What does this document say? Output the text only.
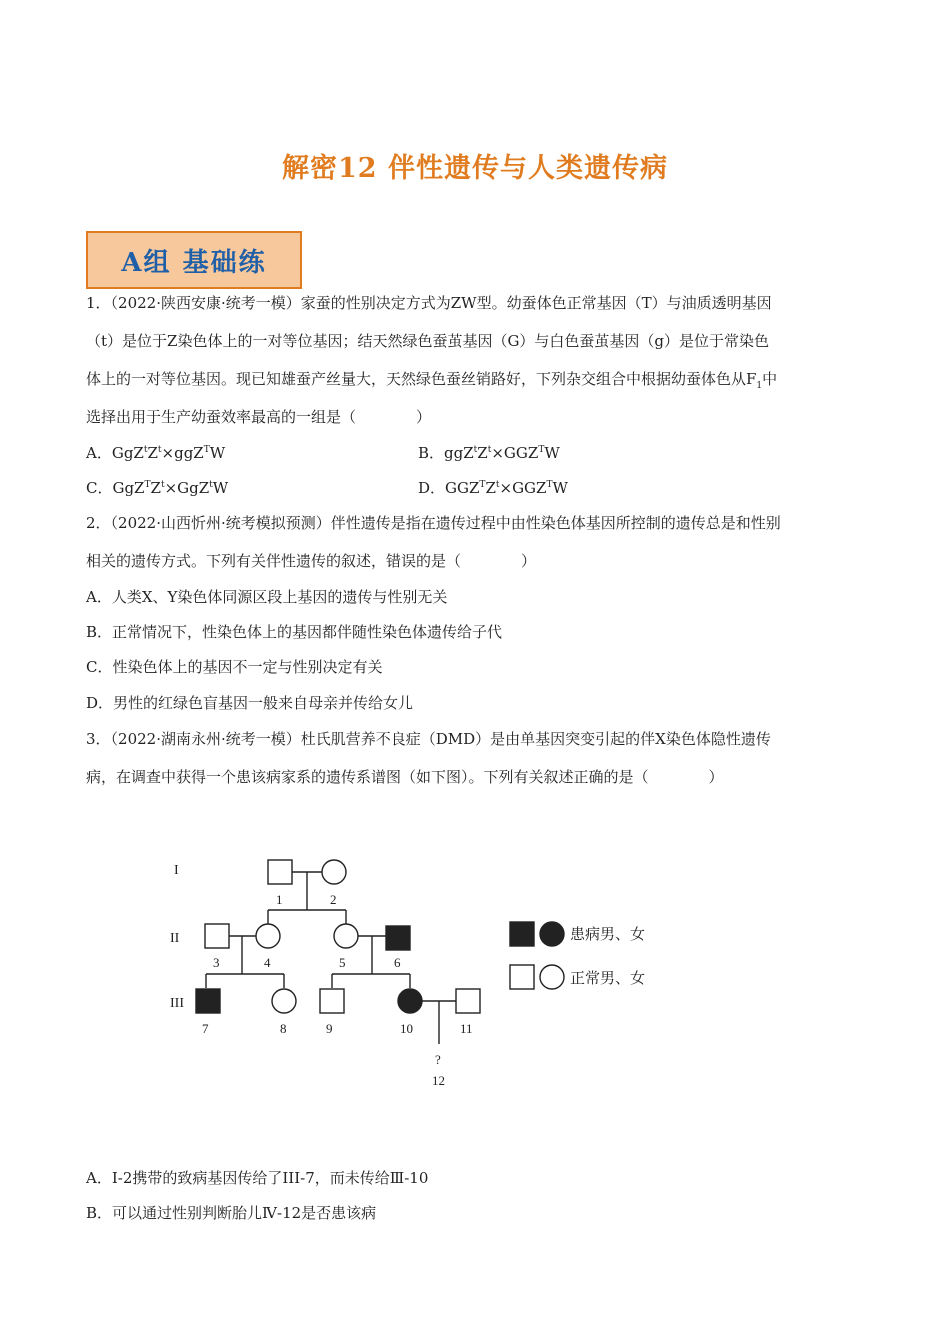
解密12 伴性遗传与人类遗传病
A组 基础练
1．（2022·陕西安康·统考一模）家蚕的性别决定方式为ZW型。幼蚕体色正常基因（T）与油质透明基因
（t）是位于Z染色体上的一对等位基因；结天然绿色蚕茧基因（G）与白色蚕茧基因（g）是位于常染色
体上的一对等位基因。现已知雄蚕产丝量大，天然绿色蚕丝销路好，下列杂交组合中根据幼蚕体色从$F_1$中
选择出用于生产幼蚕效率最高的一组是（　　　　）
A．$GgZ^tZ^t\times ggZ^TW$	B．$ggZ^tZ^t\times GGZ^TW$
C．$GgZ^TZ^t\times GgZ^tW$	D．$GGZ^TZ^t\times GGZ^TW$
2．（2022·山西忻州·统考模拟预测）伴性遗传是指在遗传过程中由性染色体基因所控制的遗传总是和性别
相关的遗传方式。下列有关伴性遗传的叙述，错误的是（　　　　）
A．人类X、Y染色体同源区段上基因的遗传与性别无关
B．正常情况下，性染色体上的基因都伴随性染色体遗传给子代
C．性染色体上的基因不一定与性别决定有关
D．男性的红绿色盲基因一般来自母亲并传给女儿
3．（2022·湖南永州·统考一模）杜氏肌营养不良症（DMD）是由单基因突变引起的伴X染色体隐性遗传
病，在调查中获得一个患该病家系的遗传系谱图（如下图）。下列有关叙述正确的是（　　　　）
I
II
III
1	2
3	4	5	6
7	8	9	10	11
?
12
患病男、女
正常男、女
A．I-2携带的致病基因传给了III-7，而未传给Ⅲ-10
B．可以通过性别判断胎儿Ⅳ-12是否患该病
